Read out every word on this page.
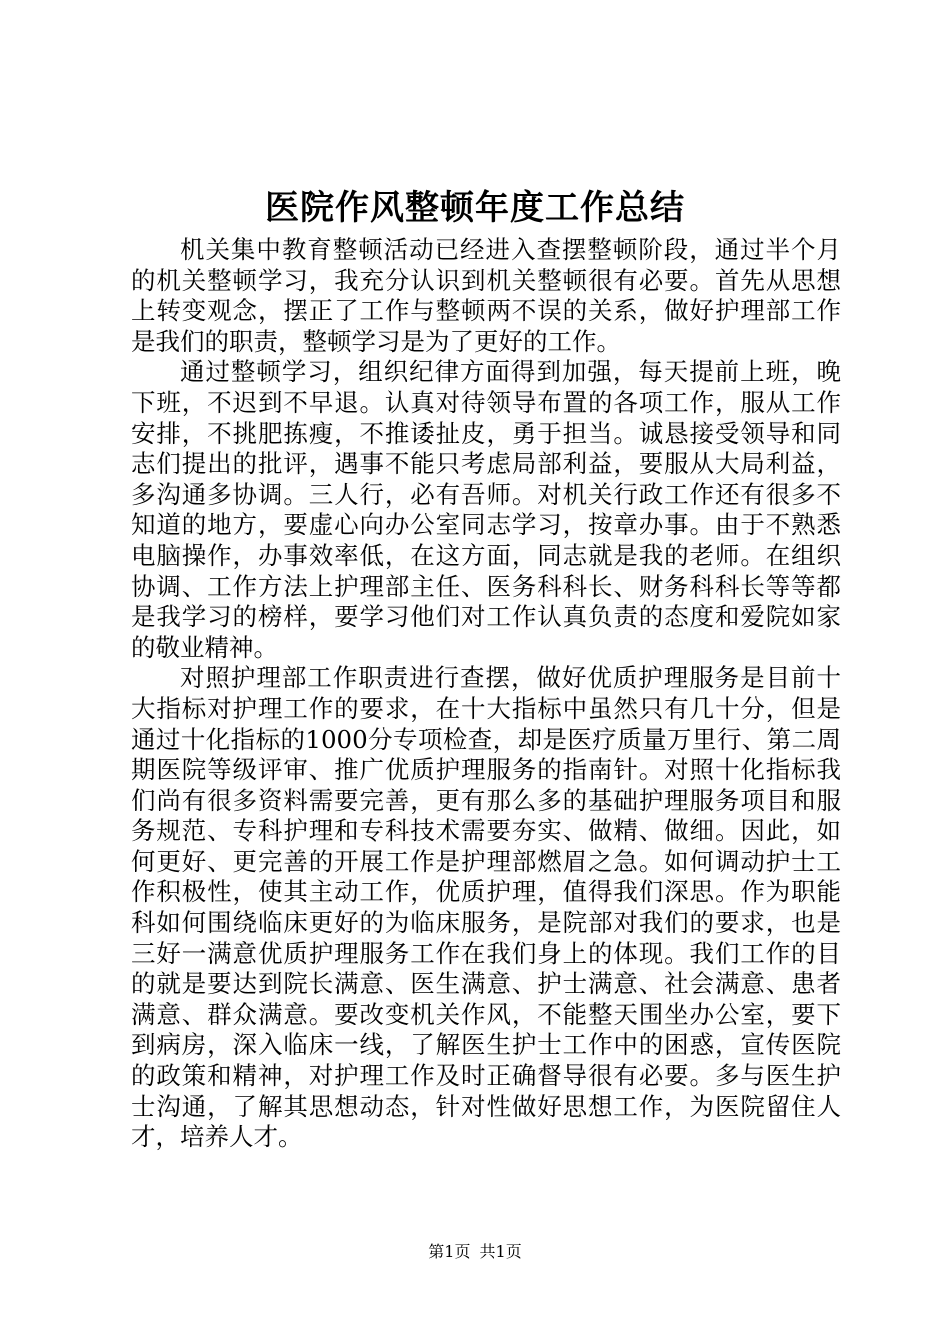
医院作风整顿年度工作总结

机关集中教育整顿活动已经进入查摆整顿阶段，通过半个月的机关整顿学习，我充分认识到机关整顿很有必要。首先从思想上转变观念，摆正了工作与整顿两不误的关系，做好护理部工作是我们的职责，整顿学习是为了更好的工作。

通过整顿学习，组织纪律方面得到加强，每天提前上班，晚下班，不迟到不早退。认真对待领导布置的各项工作，服从工作安排，不挑肥拣瘦，不推诿扯皮，勇于担当。诚恳接受领导和同志们提出的批评，遇事不能只考虑局部利益，要服从大局利益，多沟通多协调。三人行，必有吾师。对机关行政工作还有很多不知道的地方，要虚心向办公室同志学习，按章办事。由于不熟悉电脑操作，办事效率低，在这方面，同志就是我的老师。在组织协调、工作方法上护理部主任、医务科科长、财务科科长等等都是我学习的榜样，要学习他们对工作认真负责的态度和爱院如家的敬业精神。

对照护理部工作职责进行查摆，做好优质护理服务是目前十大指标对护理工作的要求，在十大指标中虽然只有几十分，但是通过十化指标的1000分专项检查，却是医疗质量万里行、第二周期医院等级评审、推广优质护理服务的指南针。对照十化指标我们尚有很多资料需要完善，更有那么多的基础护理服务项目和服务规范、专科护理和专科技术需要夯实、做精、做细。因此，如何更好、更完善的开展工作是护理部燃眉之急。如何调动护士工作积极性，使其主动工作，优质护理，值得我们深思。作为职能科如何围绕临床更好的为临床服务，是院部对我们的要求，也是三好一满意优质护理服务工作在我们身上的体现。我们工作的目的就是要达到院长满意、医生满意、护士满意、社会满意、患者满意、群众满意。要改变机关作风，不能整天围坐办公室，要下到病房，深入临床一线，了解医生护士工作中的困惑，宣传医院的政策和精神，对护理工作及时正确督导很有必要。多与医生护士沟通，了解其思想动态，针对性做好思想工作，为医院留住人才，培养人才。

第1页 共1页
